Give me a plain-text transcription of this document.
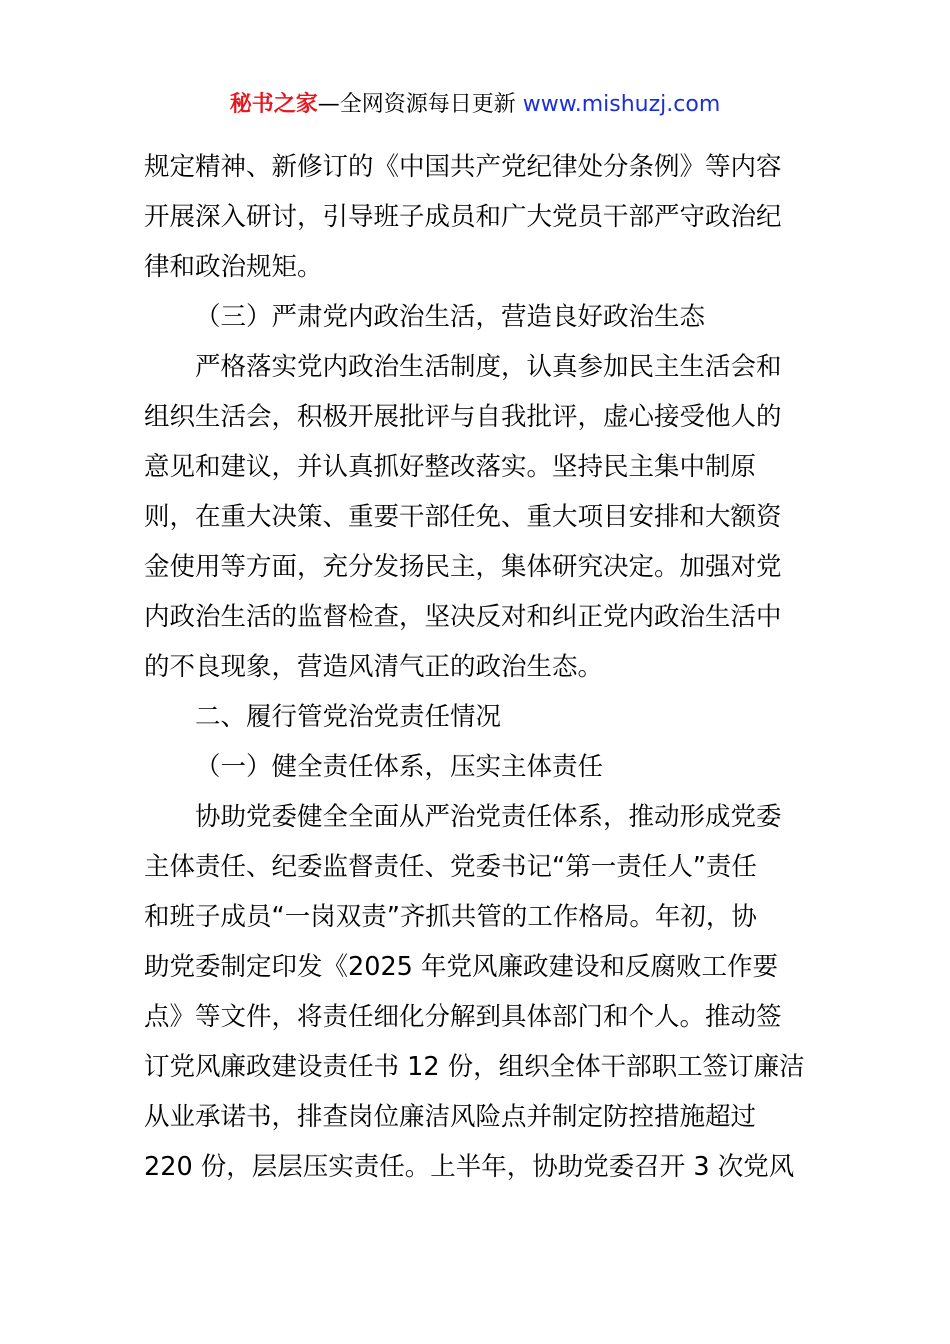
秘书之家—全网资源每日更新 www.mishuzj.com
规定精神、新修订的《中国共产党纪律处分条例》等内容
开展深入研讨，引导班子成员和广大党员干部严守政治纪
律和政治规矩。
（三）严肃党内政治生活，营造良好政治生态
严格落实党内政治生活制度，认真参加民主生活会和
组织生活会，积极开展批评与自我批评，虚心接受他人的
意见和建议，并认真抓好整改落实。坚持民主集中制原
则，在重大决策、重要干部任免、重大项目安排和大额资
金使用等方面，充分发扬民主，集体研究决定。加强对党
内政治生活的监督检查，坚决反对和纠正党内政治生活中
的不良现象，营造风清气正的政治生态。
二、履行管党治党责任情况
（一）健全责任体系，压实主体责任
协助党委健全全面从严治党责任体系，推动形成党委
主体责任、纪委监督责任、党委书记“第一责任人”责任
和班子成员“一岗双责”齐抓共管的工作格局。年初，协
助党委制定印发《2025 年党风廉政建设和反腐败工作要
点》等文件，将责任细化分解到具体部门和个人。推动签
订党风廉政建设责任书 12 份，组织全体干部职工签订廉洁
从业承诺书，排查岗位廉洁风险点并制定防控措施超过
220 份，层层压实责任。上半年，协助党委召开 3 次党风
